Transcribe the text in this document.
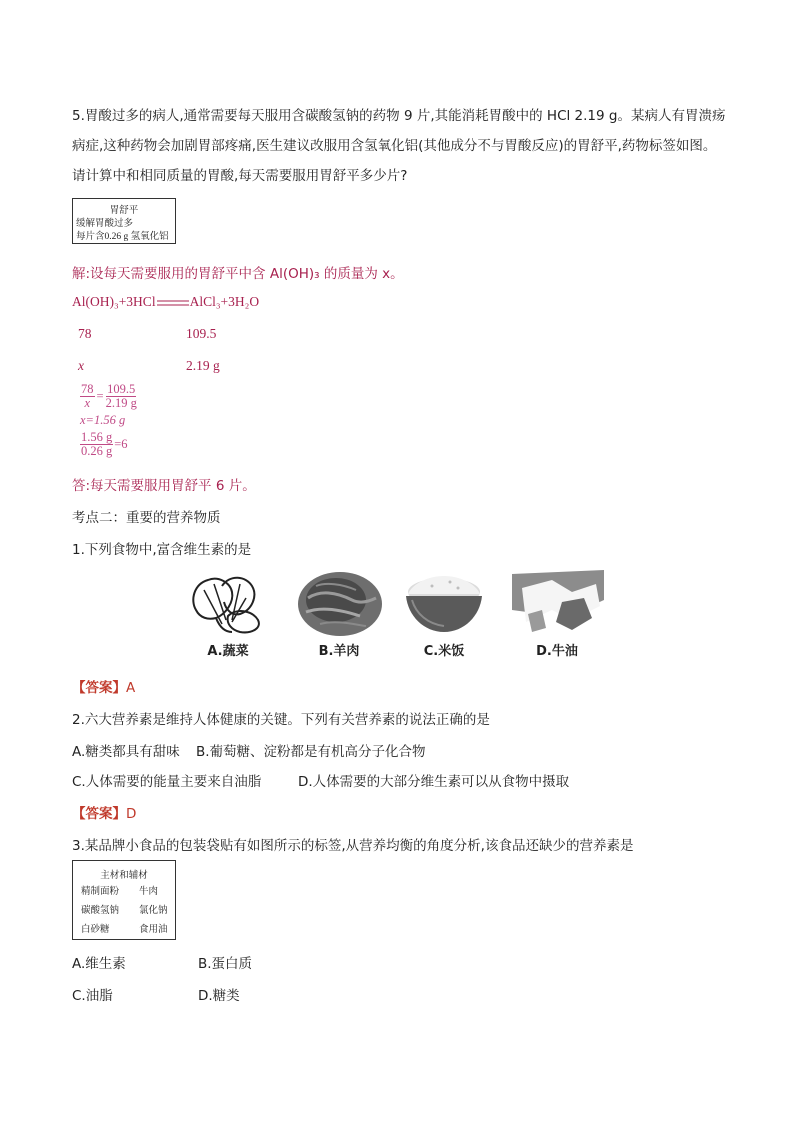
5.胃酸过多的病人,通常需要每天服用含碳酸氢钠的药物 9 片,其能消耗胃酸中的 HCl 2.19 g。某病人有胃溃疡
病症,这种药物会加剧胃部疼痛,医生建议改服用含氢氧化铝(其他成分不与胃酸反应)的胃舒平,药物标签如图。
请计算中和相同质量的胃酸,每天需要服用胃舒平多少片?
胃舒平
缓解胃酸过多
每片含0.26 g 氢氧化铝
解:设每天需要服用的胃舒平中含 Al(OH)₃ 的质量为 x。
Al(OH)₃+3HCl	AlCl₃+3H₂O
78	109.5
x	2.19 g
$\frac{78}{x} = \frac{109.5}{2.19 g}$
x=1.56 g
$\frac{1.56 g}{0.26 g} =6$
答:每天需要服用胃舒平 6 片。
考点二：重要的营养物质
1.下列食物中,富含维生素的是
A.蔬菜	B.羊肉	C.米饭	D.牛油
【答案】A
2.六大营养素是维持人体健康的关键。下列有关营养素的说法正确的是
A.糖类都具有甜味 B.葡萄糖、淀粉都是有机高分子化合物
C.人体需要的能量主要来自油脂	D.人体需要的大部分维生素可以从食物中摄取
【答案】D
3.某品牌小食品的包装袋贴有如图所示的标签,从营养均衡的角度分析,该食品还缺少的营养素是
主材和辅材
精制面粉 牛肉
碳酸氢钠 氯化钠
白砂糖	食用油
A.维生素	B.蛋白质
C.油脂	D.糖类
